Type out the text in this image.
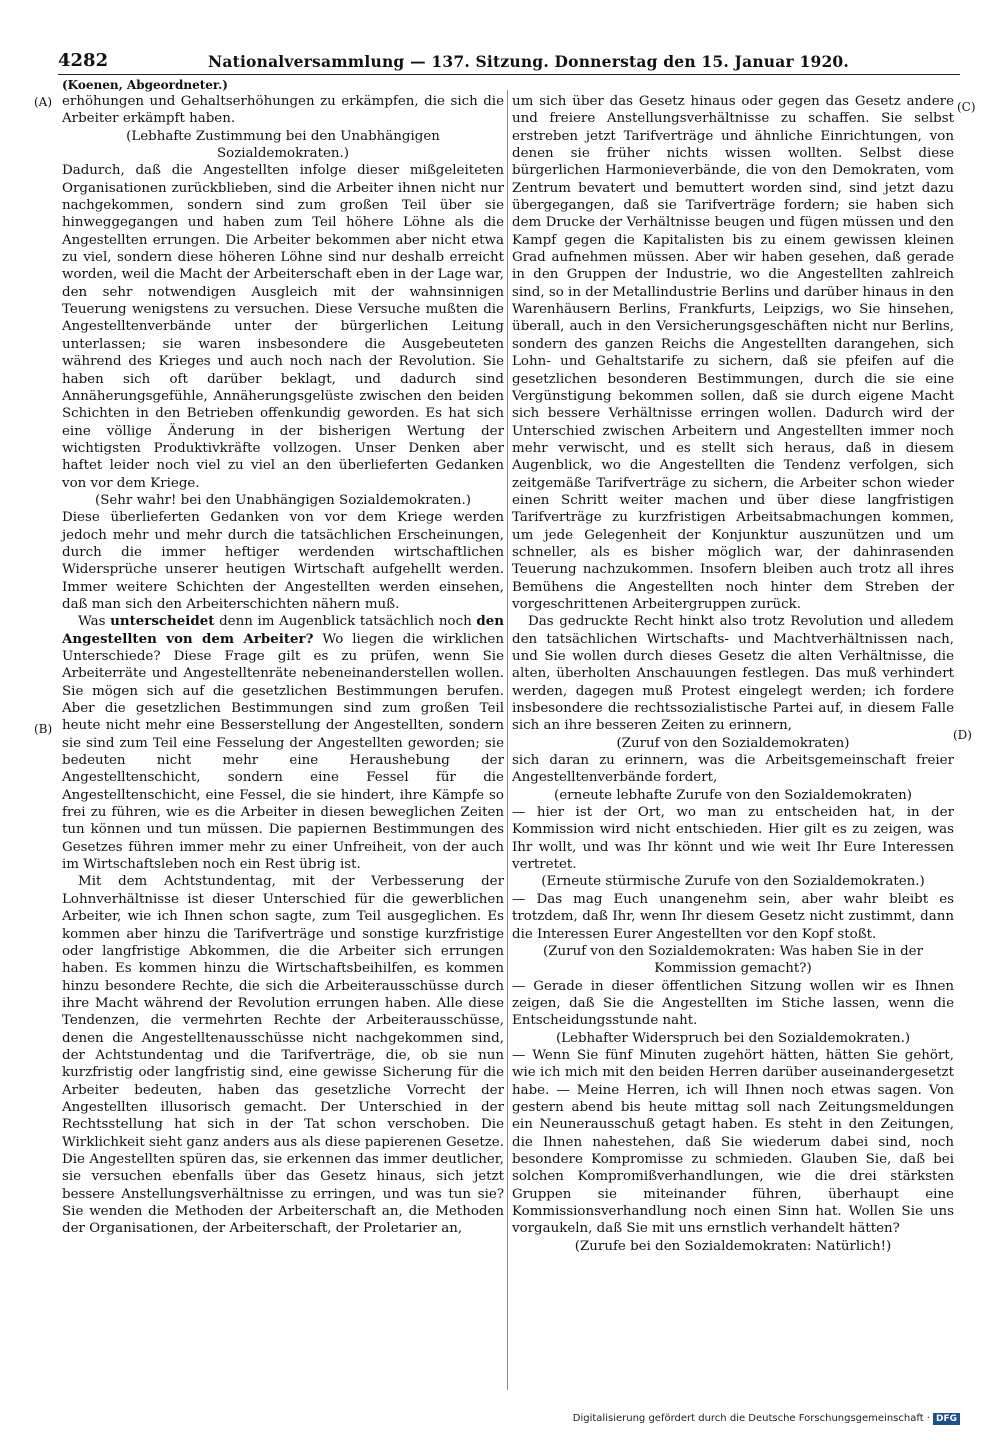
4282	Nationalversammlung — 137. Sitzung. Donnerstag den 15. Januar 1920.
(Koenen, Abgeordneter.)
(A)
(B)
(C)
(D)

erhöhungen und Gehaltserhöhungen zu erkämpfen, die sich die Arbeiter erkämpft haben.

(Lebhafte Zustimmung bei den Unabhängigen Sozialdemokraten.)

Dadurch, daß die Angestellten infolge dieser mißgeleiteten Organisationen zurückblieben, sind die Arbeiter ihnen nicht nur nachgekommen, sondern sind zum großen Teil über sie hinweggegangen und haben zum Teil höhere Löhne als die Angestellten errungen. Die Arbeiter bekommen aber nicht etwa zu viel, sondern diese höheren Löhne sind nur deshalb erreicht worden, weil die Macht der Arbeiterschaft eben in der Lage war, den sehr notwendigen Ausgleich mit der wahnsinnigen Teuerung wenigstens zu versuchen. Diese Versuche mußten die Angestelltenverbände unter der bürgerlichen Leitung unterlassen; sie waren insbesondere die Ausgebeuteten während des Krieges und auch noch nach der Revolution. Sie haben sich oft darüber beklagt, und dadurch sind Annäherungsgefühle, Annäherungsgelüste zwischen den beiden Schichten in den Betrieben offenkundig geworden. Es hat sich eine völlige Änderung in der bisherigen Wertung der wichtigsten Produktivkräfte vollzogen. Unser Denken aber haftet leider noch viel zu viel an den überlieferten Gedanken von vor dem Kriege.

(Sehr wahr! bei den Unabhängigen Sozialdemokraten.)

Diese überlieferten Gedanken von vor dem Kriege werden jedoch mehr und mehr durch die tatsächlichen Erscheinungen, durch die immer heftiger werdenden wirtschaftlichen Widersprüche unserer heutigen Wirtschaft aufgehellt werden. Immer weitere Schichten der Angestellten werden einsehen, daß man sich den Arbeiterschichten nähern muß.

Was unterscheidet denn im Augenblick tatsächlich noch den Angestellten von dem Arbeiter? Wo liegen die wirklichen Unterschiede? Diese Frage gilt es zu prüfen, wenn Sie Arbeiterräte und Angestelltenräte nebeneinanderstellen wollen. Sie mögen sich auf die gesetzlichen Bestimmungen berufen. Aber die gesetzlichen Bestimmungen sind zum großen Teil heute nicht mehr eine Besserstellung der Angestellten, sondern sie sind zum Teil eine Fesselung der Angestellten geworden; sie bedeuten nicht mehr eine Heraushebung der Angestelltenschicht, sondern eine Fessel für die Angestelltenschicht, eine Fessel, die sie hindert, ihre Kämpfe so frei zu führen, wie es die Arbeiter in diesen beweglichen Zeiten tun können und tun müssen. Die papiernen Bestimmungen des Gesetzes führen immer mehr zu einer Unfreiheit, von der auch im Wirtschaftsleben noch ein Rest übrig ist.

Mit dem Achtstundentag, mit der Verbesserung der Lohnverhältnisse ist dieser Unterschied für die gewerblichen Arbeiter, wie ich Ihnen schon sagte, zum Teil ausgeglichen. Es kommen aber hinzu die Tarifverträge und sonstige kurzfristige oder langfristige Abkommen, die die Arbeiter sich errungen haben. Es kommen hinzu die Wirtschaftsbeihilfen, es kommen hinzu besondere Rechte, die sich die Arbeiterausschüsse durch ihre Macht während der Revolution errungen haben. Alle diese Tendenzen, die vermehrten Rechte der Arbeiterausschüsse, denen die Angestelltenausschüsse nicht nachgekommen sind, der Achtstundentag und die Tarifverträge, die, ob sie nun kurzfristig oder langfristig sind, eine gewisse Sicherung für die Arbeiter bedeuten, haben das gesetzliche Vorrecht der Angestellten illusorisch gemacht. Der Unterschied in der Rechtsstellung hat sich in der Tat schon verschoben. Die Wirklichkeit sieht ganz anders aus als diese papierenen Gesetze. Die Angestellten spüren das, sie erkennen das immer deutlicher, sie versuchen ebenfalls über das Gesetz hinaus, sich jetzt bessere Anstellungsverhältnisse zu erringen, und was tun sie? Sie wenden die Methoden der Arbeiterschaft an, die Methoden der Organisationen, der Arbeiterschaft, der Proletarier an,

um sich über das Gesetz hinaus oder gegen das Gesetz andere und freiere Anstellungsverhältnisse zu schaffen. Sie selbst erstreben jetzt Tarifverträge und ähnliche Einrichtungen, von denen sie früher nichts wissen wollten. Selbst diese bürgerlichen Harmonieverbände, die von den Demokraten, vom Zentrum bevatert und bemuttert worden sind, sind jetzt dazu übergegangen, daß sie Tarifverträge fordern; sie haben sich dem Drucke der Verhältnisse beugen und fügen müssen und den Kampf gegen die Kapitalisten bis zu einem gewissen kleinen Grad aufnehmen müssen. Aber wir haben gesehen, daß gerade in den Gruppen der Industrie, wo die Angestellten zahlreich sind, so in der Metallindustrie Berlins und darüber hinaus in den Warenhäusern Berlins, Frankfurts, Leipzigs, wo Sie hinsehen, überall, auch in den Versicherungsgeschäften nicht nur Berlins, sondern des ganzen Reichs die Angestellten darangehen, sich Lohn- und Gehaltstarife zu sichern, daß sie pfeifen auf die gesetzlichen besonderen Bestimmungen, durch die sie eine Vergünstigung bekommen sollen, daß sie durch eigene Macht sich bessere Verhältnisse erringen wollen. Dadurch wird der Unterschied zwischen Arbeitern und Angestellten immer noch mehr verwischt, und es stellt sich heraus, daß in diesem Augenblick, wo die Angestellten die Tendenz verfolgen, sich zeitgemäße Tarifverträge zu sichern, die Arbeiter schon wieder einen Schritt weiter machen und über diese langfristigen Tarifverträge zu kurzfristigen Arbeitsabmachungen kommen, um jede Gelegenheit der Konjunktur auszunützen und um schneller, als es bisher möglich war, der dahinrasenden Teuerung nachzukommen. Insofern bleiben auch trotz all ihres Bemühens die Angestellten noch hinter dem Streben der vorgeschrittenen Arbeitergruppen zurück.

Das gedruckte Recht hinkt also trotz Revolution und alledem den tatsächlichen Wirtschafts- und Machtverhältnissen nach, und Sie wollen durch dieses Gesetz die alten Verhältnisse, die alten, überholten Anschauungen festlegen. Das muß verhindert werden, dagegen muß Protest eingelegt werden; ich fordere insbesondere die rechtssozialistische Partei auf, in diesem Falle sich an ihre besseren Zeiten zu erinnern,

(Zuruf von den Sozialdemokraten)

sich daran zu erinnern, was die Arbeitsgemeinschaft freier Angestelltenverbände fordert,

(erneute lebhafte Zurufe von den Sozialdemokraten)

— hier ist der Ort, wo man zu entscheiden hat, in der Kommission wird nicht entschieden. Hier gilt es zu zeigen, was Ihr wollt, und was Ihr könnt und wie weit Ihr Eure Interessen vertretet.

(Erneute stürmische Zurufe von den Sozialdemokraten.)

— Das mag Euch unangenehm sein, aber wahr bleibt es trotzdem, daß Ihr, wenn Ihr diesem Gesetz nicht zustimmt, dann die Interessen Eurer Angestellten vor den Kopf stoßt.

(Zuruf von den Sozialdemokraten: Was haben Sie in der Kommission gemacht?)

— Gerade in dieser öffentlichen Sitzung wollen wir es Ihnen zeigen, daß Sie die Angestellten im Stiche lassen, wenn die Entscheidungsstunde naht.

(Lebhafter Widerspruch bei den Sozialdemokraten.)

— Wenn Sie fünf Minuten zugehört hätten, hätten Sie gehört, wie ich mich mit den beiden Herren darüber auseinandergesetzt habe. — Meine Herren, ich will Ihnen noch etwas sagen. Von gestern abend bis heute mittag soll nach Zeitungsmeldungen ein Neunerausschuß getagt haben. Es steht in den Zeitungen, die Ihnen nahestehen, daß Sie wiederum dabei sind, noch besondere Kompromisse zu schmieden. Glauben Sie, daß bei solchen Kompromißverhandlungen, wie die drei stärksten Gruppen sie miteinander führen, überhaupt eine Kommissionsverhandlung noch einen Sinn hat. Wollen Sie uns vorgaukeln, daß Sie mit uns ernstlich verhandelt hätten?

(Zurufe bei den Sozialdemokraten: Natürlich!)

Digitalisierung gefördert durch die Deutsche Forschungsgemeinschaft · DFG
